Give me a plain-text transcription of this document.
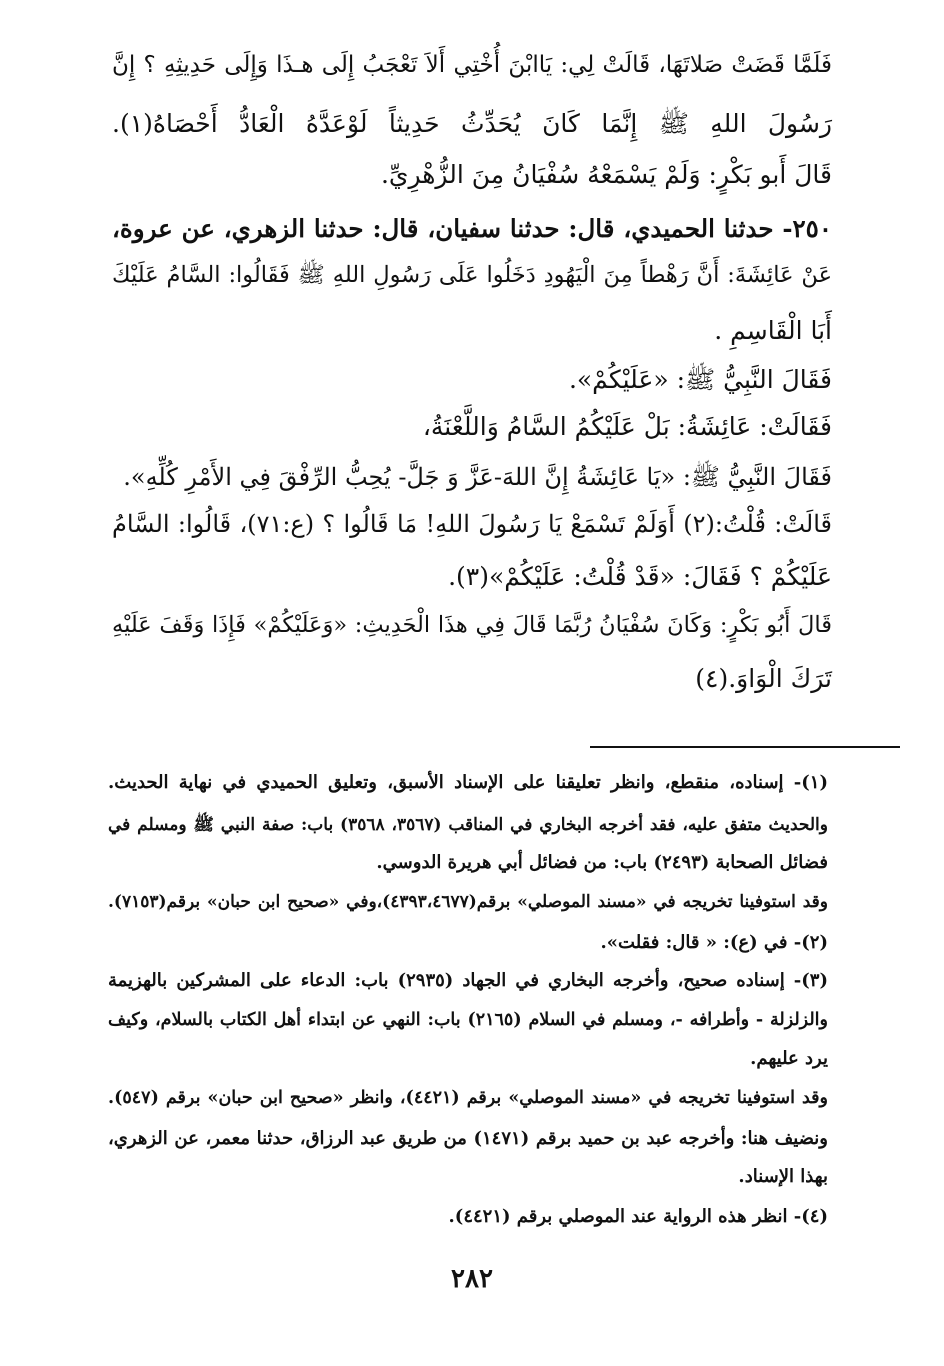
فَلَمَّا قَضَتْ صَلاتَهَا، قَالَتْ لِي: يَاابْنَ أُخْتِي أَلاَ تَعْجَبُ إِلَى هـذَا وَإِلَى حَدِيثِهِ ؟ إِنَّ
رَسُولَ اللهِ ﷺ إِنَّمَا كَانَ يُحَدِّثُ حَدِيثاً لَوْعَدَّهُ الْعَادُّ أَحْصَاهُ(١).
قَالَ أَبو بَكْرٍ: وَلَمْ يَسْمَعْهُ سُفْيَانُ مِنَ الزُّهْرِيِّ.
٢٥٠- حدثنا الحميدي، قال: حدثنا سفيان، قال: حدثنا الزهري، عن عروة،
عَنْ عَائِشَةَ: أَنَّ رَهْطاً مِنَ الْيَهُودِ دَخَلُوا عَلَى رَسُولِ اللهِ ﷺ فَقَالُوا: السَّامُ عَلَيْكَ
أَبَا الْقَاسِمِ .
فَقَالَ النَّبِيُّ ﷺ: «عَلَيْكُمْ».
فَقَالَتْ: عَائِشَةُ: بَلْ عَلَيْكُمُ السَّامُ وَاللَّعْنَةُ،
فَقَالَ النَّبِيُّ ﷺ: «يَا عَائِشَةُ إِنَّ اللهَ-عَزَّ وَ جَلَّ- يُحِبُّ الرِّفْقَ فِي الأَمْرِ كُلِّهِ».
قَالَتْ: قُلْتُ:(٢) أَوَلَمْ تَسْمَعْ يَا رَسُولَ اللهِ! مَا قَالُوا ؟ (ع:٧١)، قَالُوا: السَّامُ
عَلَيْكُمْ ؟ فَقَالَ: «قَدْ قُلْتُ: عَلَيْكُمْ»(٣).
قَالَ أَبُو بَكْرٍ: وَكَانَ سُفْيَانُ رُبَّمَا قَالَ فِي هذَا الْحَدِيثِ: «وَعَلَيْكُمْ» فَإِذَا وَقَفَ عَلَيْهِ
تَرَكَ الْوَاوَ.(٤)
(١)- إسناده، منقطع، وانظر تعليقنا على الإسناد الأسبق، وتعليق الحميدي في نهاية الحديث.
والحديث متفق عليه، فقد أخرجه البخاري في المناقب (٣٥٦٧، ٣٥٦٨) باب: صفة النبي ﷺ ومسلم في
فضائل الصحابة (٢٤٩٣) باب: من فضائل أبي هريرة الدوسي.
وقد استوفينا تخريجه في «مسند الموصلي» برقم(٤٣٩٣،٤٦٧٧)،وفي «صحيح ابن حبان» برقم(٧١٥٣).
(٢)- في (ع): « قال: فقلت».
(٣)- إسناده صحيح، وأخرجه البخاري في الجهاد (٢٩٣٥) باب: الدعاء على المشركين بالهزيمة
والزلزلة - وأطرافه -، ومسلم في السلام (٢١٦٥) باب: النهي عن ابتداء أهل الكتاب بالسلام، وكيف
يرد عليهم.
وقد استوفينا تخريجه في «مسند الموصلي» برقم (٤٤٢١)، وانظر «صحيح ابن حبان» برقم (٥٤٧).
ونضيف هنا: وأخرجه عبد بن حميد برقم (١٤٧١) من طريق عبد الرزاق، حدثنا معمر، عن الزهري،
بهذا الإسناد.
(٤)- انظر هذه الرواية عند الموصلي برقم (٤٤٢١).
٢٨٢
